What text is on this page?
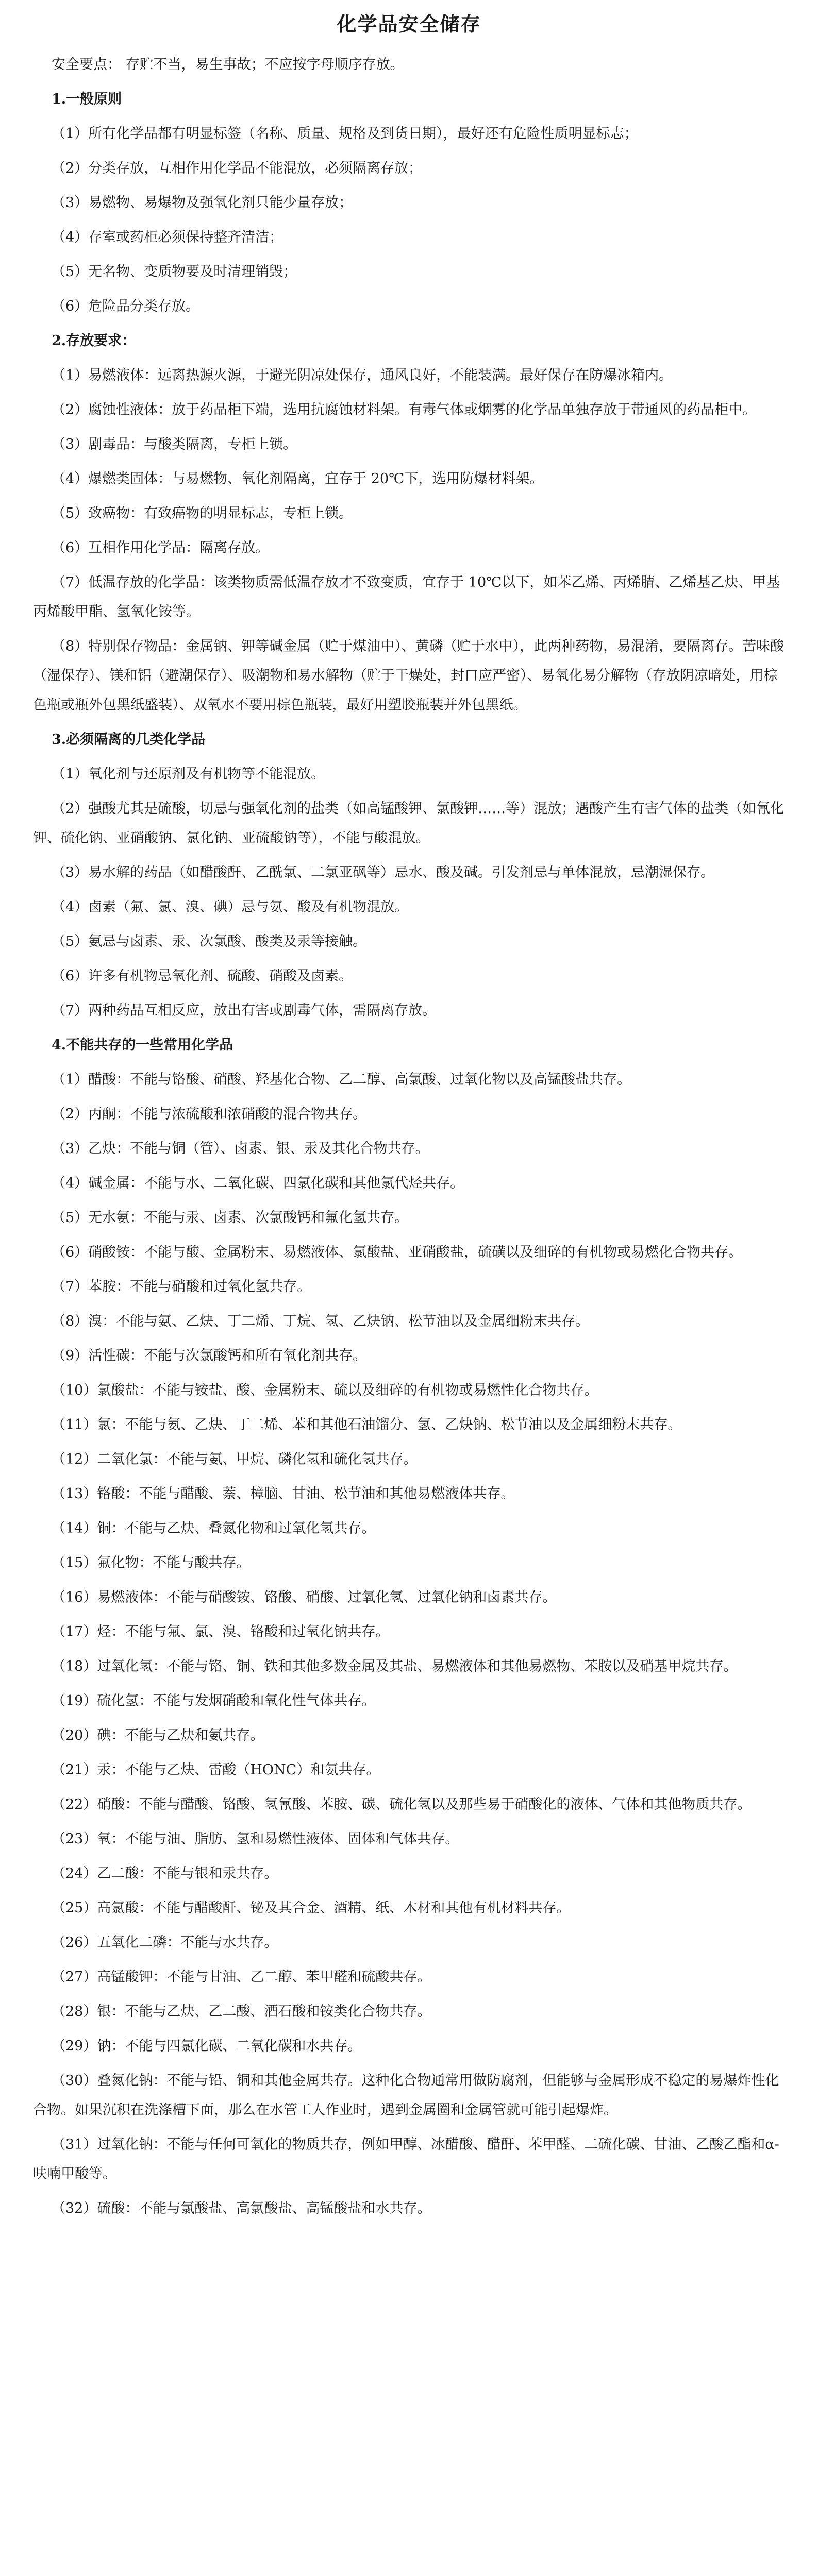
化学品安全储存

安全要点： 存贮不当，易生事故；不应按字母顺序存放。

1.一般原则

（1）所有化学品都有明显标签（名称、质量、规格及到货日期），最好还有危险性质明显标志；

（2）分类存放，互相作用化学品不能混放，必须隔离存放；

（3）易燃物、易爆物及强氧化剂只能少量存放；

（4）存室或药柜必须保持整齐清洁；

（5）无名物、变质物要及时清理销毁；

（6）危险品分类存放。

2.存放要求：

（1）易燃液体：远离热源火源，于避光阴凉处保存，通风良好，不能装满。最好保存在防爆冰箱内。

（2）腐蚀性液体：放于药品柜下端，选用抗腐蚀材料架。有毒气体或烟雾的化学品单独存放于带通风的药品柜中。

（3）剧毒品：与酸类隔离，专柜上锁。

（4）爆燃类固体：与易燃物、氧化剂隔离，宜存于 20℃下，选用防爆材料架。

（5）致癌物：有致癌物的明显标志，专柜上锁。

（6）互相作用化学品：隔离存放。

（7）低温存放的化学品：该类物质需低温存放才不致变质，宜存于 10℃以下，如苯乙烯、丙烯腈、乙烯基乙炔、甲基丙烯酸甲酯、氢氧化铵等。

（8）特别保存物品：金属钠、钾等碱金属（贮于煤油中）、黄磷（贮于水中），此两种药物，易混淆，要隔离存。苦味酸（湿保存）、镁和铝（避潮保存）、吸潮物和易水解物（贮于干燥处，封口应严密）、易氧化易分解物（存放阴凉暗处，用棕色瓶或瓶外包黑纸盛装）、双氧水不要用棕色瓶装，最好用塑胶瓶装并外包黑纸。

3.必须隔离的几类化学品

（1）氧化剂与还原剂及有机物等不能混放。

（2）强酸尤其是硫酸，切忌与强氧化剂的盐类（如高锰酸钾、氯酸钾……等）混放；遇酸产生有害气体的盐类（如氰化钾、硫化钠、亚硝酸钠、氯化钠、亚硫酸钠等），不能与酸混放。

（3）易水解的药品（如醋酸酐、乙酰氯、二氯亚砜等）忌水、酸及碱。引发剂忌与单体混放，忌潮湿保存。

（4）卤素（氟、氯、溴、碘）忌与氨、酸及有机物混放。

（5）氨忌与卤素、汞、次氯酸、酸类及汞等接触。

（6）许多有机物忌氧化剂、硫酸、硝酸及卤素。

（7）两种药品互相反应，放出有害或剧毒气体，需隔离存放。

4.不能共存的一些常用化学品

（1）醋酸：不能与铬酸、硝酸、羟基化合物、乙二醇、高氯酸、过氧化物以及高锰酸盐共存。

（2）丙酮：不能与浓硫酸和浓硝酸的混合物共存。

（3）乙炔：不能与铜（管）、卤素、银、汞及其化合物共存。

（4）碱金属：不能与水、二氧化碳、四氯化碳和其他氯代烃共存。

（5）无水氨：不能与汞、卤素、次氯酸钙和氟化氢共存。

（6）硝酸铵：不能与酸、金属粉末、易燃液体、氯酸盐、亚硝酸盐，硫磺以及细碎的有机物或易燃化合物共存。

（7）苯胺：不能与硝酸和过氧化氢共存。

（8）溴：不能与氨、乙炔、丁二烯、丁烷、氢、乙炔钠、松节油以及金属细粉末共存。

（9）活性碳：不能与次氯酸钙和所有氧化剂共存。

（10）氯酸盐：不能与铵盐、酸、金属粉末、硫以及细碎的有机物或易燃性化合物共存。

（11）氯：不能与氨、乙炔、丁二烯、苯和其他石油馏分、氢、乙炔钠、松节油以及金属细粉末共存。

（12）二氧化氯：不能与氨、甲烷、磷化氢和硫化氢共存。

（13）铬酸：不能与醋酸、萘、樟脑、甘油、松节油和其他易燃液体共存。

（14）铜：不能与乙炔、叠氮化物和过氧化氢共存。

（15）氟化物：不能与酸共存。

（16）易燃液体：不能与硝酸铵、铬酸、硝酸、过氧化氢、过氧化钠和卤素共存。

（17）烃：不能与氟、氯、溴、铬酸和过氧化钠共存。

（18）过氧化氢：不能与铬、铜、铁和其他多数金属及其盐、易燃液体和其他易燃物、苯胺以及硝基甲烷共存。

（19）硫化氢：不能与发烟硝酸和氧化性气体共存。

（20）碘：不能与乙炔和氨共存。

（21）汞：不能与乙炔、雷酸（HONC）和氨共存。

（22）硝酸：不能与醋酸、铬酸、氢氰酸、苯胺、碳、硫化氢以及那些易于硝酸化的液体、气体和其他物质共存。

（23）氧：不能与油、脂肪、氢和易燃性液体、固体和气体共存。

（24）乙二酸：不能与银和汞共存。

（25）高氯酸：不能与醋酸酐、铋及其合金、酒精、纸、木材和其他有机材料共存。

（26）五氧化二磷：不能与水共存。

（27）高锰酸钾：不能与甘油、乙二醇、苯甲醛和硫酸共存。

（28）银：不能与乙炔、乙二酸、酒石酸和铵类化合物共存。

（29）钠：不能与四氯化碳、二氧化碳和水共存。

（30）叠氮化钠：不能与铅、铜和其他金属共存。这种化合物通常用做防腐剂，但能够与金属形成不稳定的易爆炸性化合物。如果沉积在洗涤槽下面，那么在水管工人作业时，遇到金属圈和金属管就可能引起爆炸。

（31）过氧化钠：不能与任何可氧化的物质共存，例如甲醇、冰醋酸、醋酐、苯甲醛、二硫化碳、甘油、乙酸乙酯和α-呋喃甲酸等。

（32）硫酸：不能与氯酸盐、高氯酸盐、高锰酸盐和水共存。
